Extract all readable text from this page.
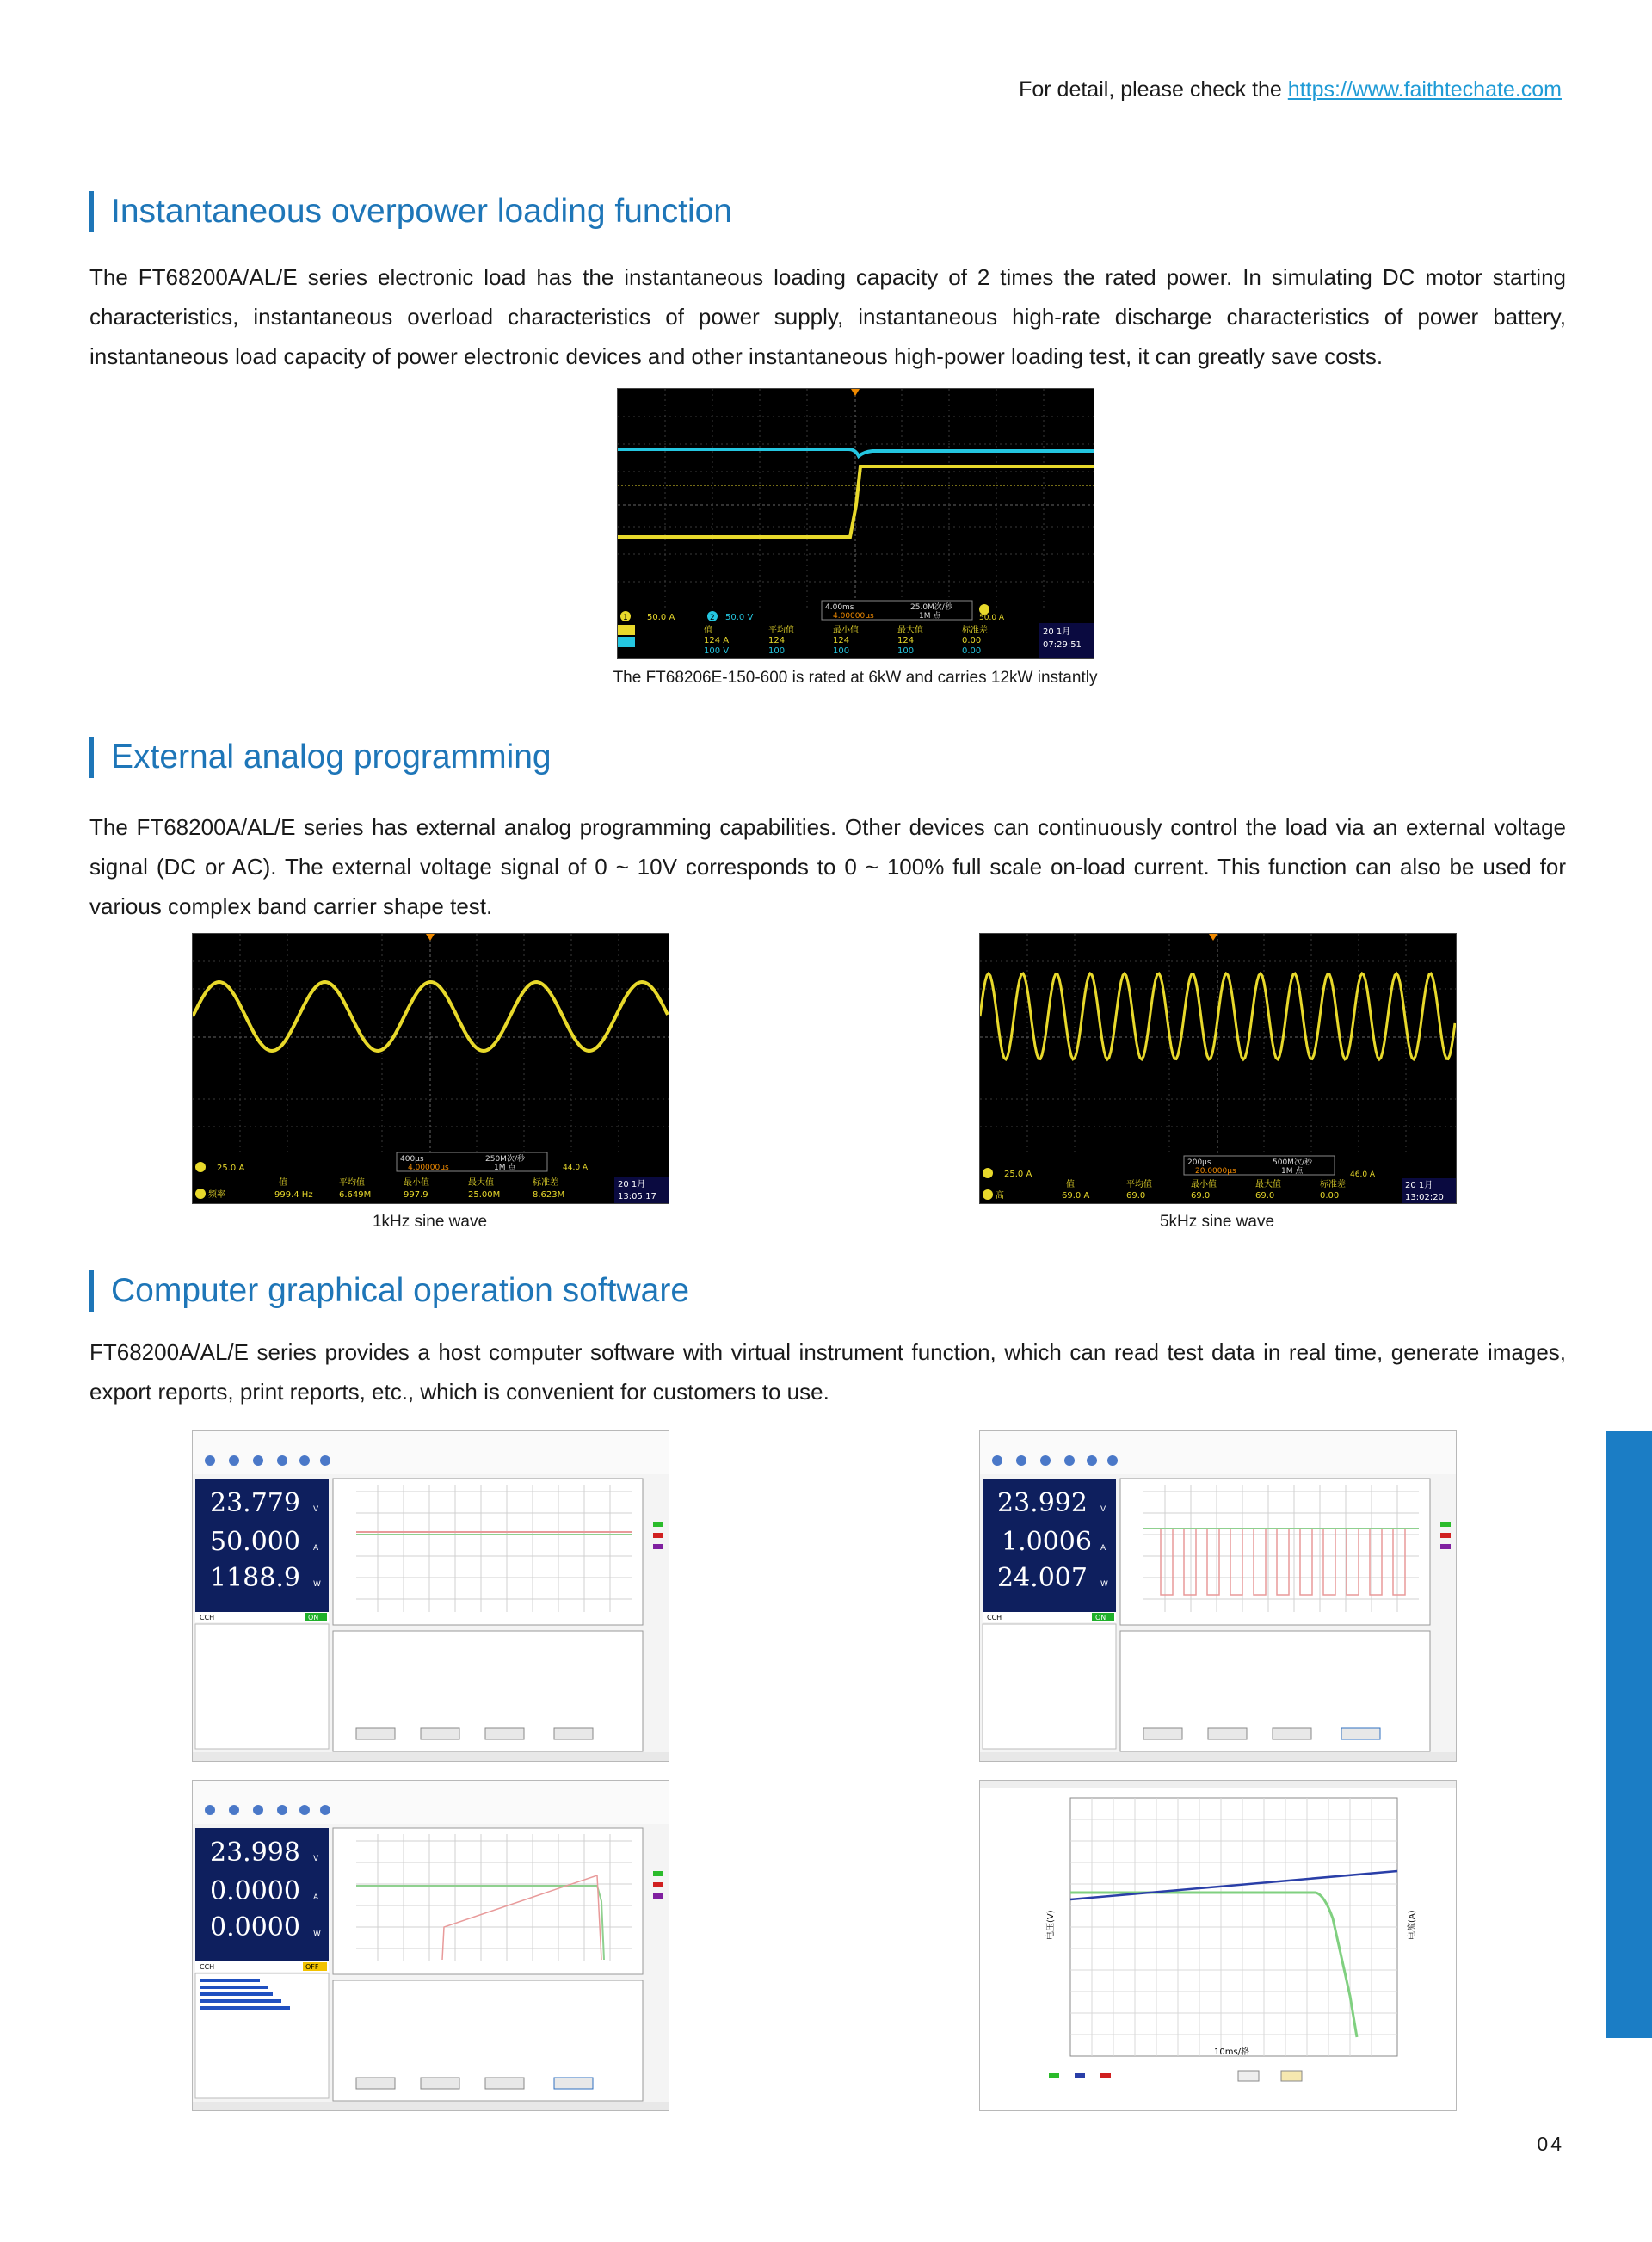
For detail, please check the https://www.faithtechate.com
Instantaneous overpower loading function
The FT68200A/AL/E series electronic load has the instantaneous loading capacity of 2 times the rated power. In simulating DC motor starting characteristics, instantaneous overload characteristics of power supply, instantaneous high-rate discharge characteristics of power battery, instantaneous load capacity of power electronic devices and other instantaneous high-power loading test, it can greatly save costs.
1 50.0 A	2 50.0 V
4.00ms	25.0M次/秒
4.00000μs	1M 点	50.0 A
值	平均值	最小值	最大值	标准差
124 A	124	124	124	0.00
100 V	100	100	100	0.00
20 1月
07:29:51
The FT68206E-150-600 is rated at 6kW and carries 12kW instantly
External analog programming
The FT68200A/AL/E series has external analog programming capabilities. Other devices can continuously control the load via an external voltage signal (DC or AC). The external voltage signal of 0 ~ 10V corresponds to 0 ~ 100% full scale on-load current. This function can also be used for various complex band carrier shape test.
25.0 A
400μs	250M次/秒
4.00000μs	1M 点	44.0 A
值	平均值	最小值	最大值	标准差
频率	999.4 Hz	6.649M	997.9	25.00M	8.623M
20 1月
13:05:17
1kHz sine wave
25.0 A
200μs	500M次/秒
20.0000μs	1M 点	46.0 A
值	平均值	最小值	最大值	标准差
高	69.0 A	69.0	69.0	69.0	0.00
20 1月
13:02:20
5kHz sine wave
Computer graphical operation software
FT68200A/AL/E series provides a host computer software with virtual instrument function, which can read test data in real time, generate images, export reports, print reports, etc., which is convenient for customers to use.
23.779 V
50.000 A
1188.9 W
CCH	ON
23.992 V
1.0006 A
24.007 W
CCH	ON
23.998 V
0.0000 A
0.0000 W
CCH	OFF
10ms/格
电压(V)	电流(A)
04
